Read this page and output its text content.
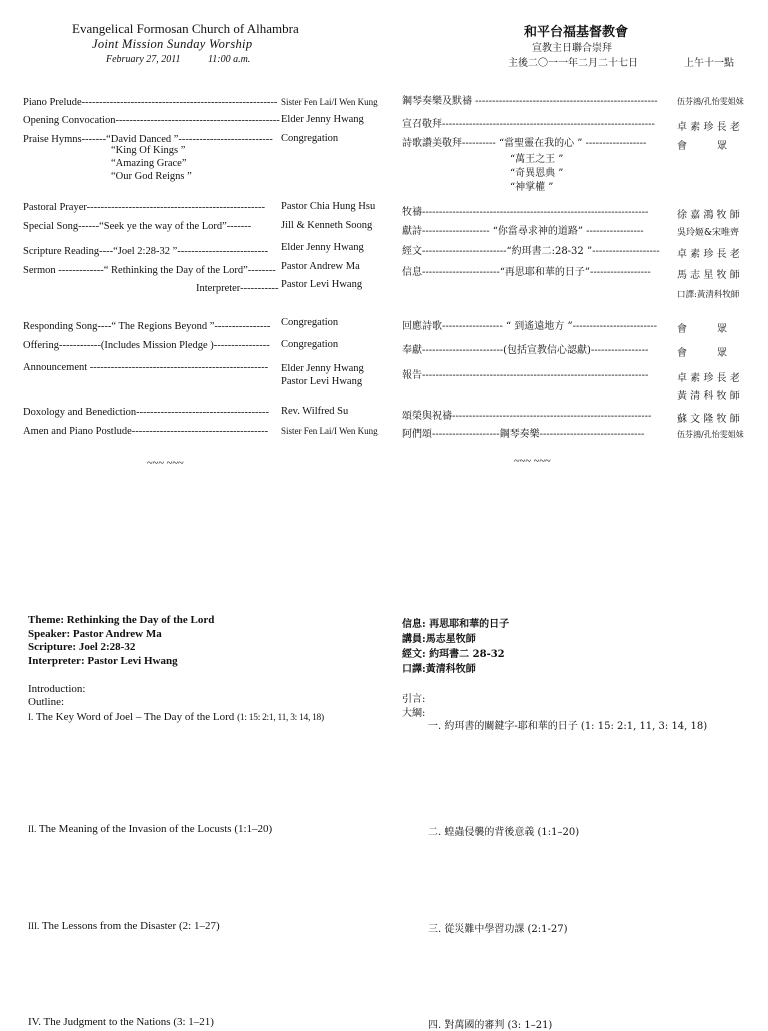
Evangelical Formosan Church of Alhambra
Joint Mission Sunday Worship
February 27, 2011	11:00 a.m.
和平台福基督教會
宣教主日聯合崇拜
主後二〇一一年二月二十七日	上午十一點
Piano Prelude-------------------------------------------------------- Sister Fen Lai/I Wen Kung
Opening Convocation----------------------------------------------- Elder Jenny Hwang
Praise Hymns-------“David Danced ”--------------------------- Congregation
“King Of Kings ”
“Amazing Grace”
“Our God Reigns ”
Pastoral Prayer---------------------------------------------------	Pastor Chia Hung Hsu
Special Song------“Seek ye the way of the Lord”-------	Jill & Kenneth Soong
Scripture Reading----“Joel 2:28-32 ”--------------------------	Elder Jenny Hwang
Sermon -------------“ Rethinking the Day of the Lord”-------- Pastor Andrew Ma
Interpreter----------- Pastor Levi Hwang
Responding Song----“ The Regions Beyond ”----------------	Congregation
Offering------------(Includes Mission Pledge )----------------	Congregation
Announcement ---------------------------------------------------	Elder Jenny Hwang
Pastor Levi Hwang
Doxology and Benediction--------------------------------------	Rev. Wilfred Su
Amen and Piano Postlude---------------------------------------	Sister Fen Lai/I Wen Kung
~~~ ~~~
鋼琴奏樂及默禱 ------------------------------------------------------	伍芬鴻/孔怡雯姐妹
宣召敬拜---------------------------------------------------------------	卓 素 珍 長 老
詩歌讚美敬拜---------- “當聖靈在我的心 ” ------------------	會　　　眾
“萬王之王 ”
“奇異恩典 ”
“神掌權 ”
牧禱-------------------------------------------------------------------	徐 嘉 鴻 牧 師
獻詩-------------------- “你當尋求神的道路” -----------------	吳玲姬&宋唯齊
經文-------------------------“約珥書二:28-32 ”--------------------	卓 素 珍 長 老
信息-----------------------“再思耶和華的日子”------------------	馬 志 星 牧 師
口譯:黃清科牧師
回應詩歌------------------ “ 到遙遠地方 ”-------------------------	會　　　眾
奉獻------------------------(包括宣教信心認獻)-----------------	會　　　眾
報告-------------------------------------------------------------------	卓 素 珍 長 老
黃 清 科 牧 師
頌榮與祝禱-----------------------------------------------------------	蘇 文 隆 牧 師
阿們頌--------------------鋼琴奏樂-------------------------------	伍芬鴻/孔怡雯姐妹
~~~ ~~~
Theme: Rethinking the Day of the Lord
Speaker: Pastor Andrew Ma
Scripture: Joel 2:28-32
Interpreter: Pastor Levi Hwang
Introduction:
Outline:
I. The Key Word of Joel – The Day of the Lord (1: 15: 2:1, 11, 3: 14, 18)
II. The Meaning of the Invasion of the Locusts (1:1–20)
III. The Lessons from the Disaster (2: 1–27)
IV. The Judgment to the Nations (3: 1–21)
信息: 再思耶和華的日子
講員:馬志星牧師
經文: 約珥書二 28-32
口譯:黃清科牧師
引言:
大綱:
一. 約珥書的關鍵字-耶和華的日子 (1: 15: 2:1, 11, 3: 14, 18)
二. 蝗蟲侵襲的背後意義 (1:1–20)
三. 從災難中學習功課 (2:1-27)
四. 對萬國的審判 (3: 1–21)
